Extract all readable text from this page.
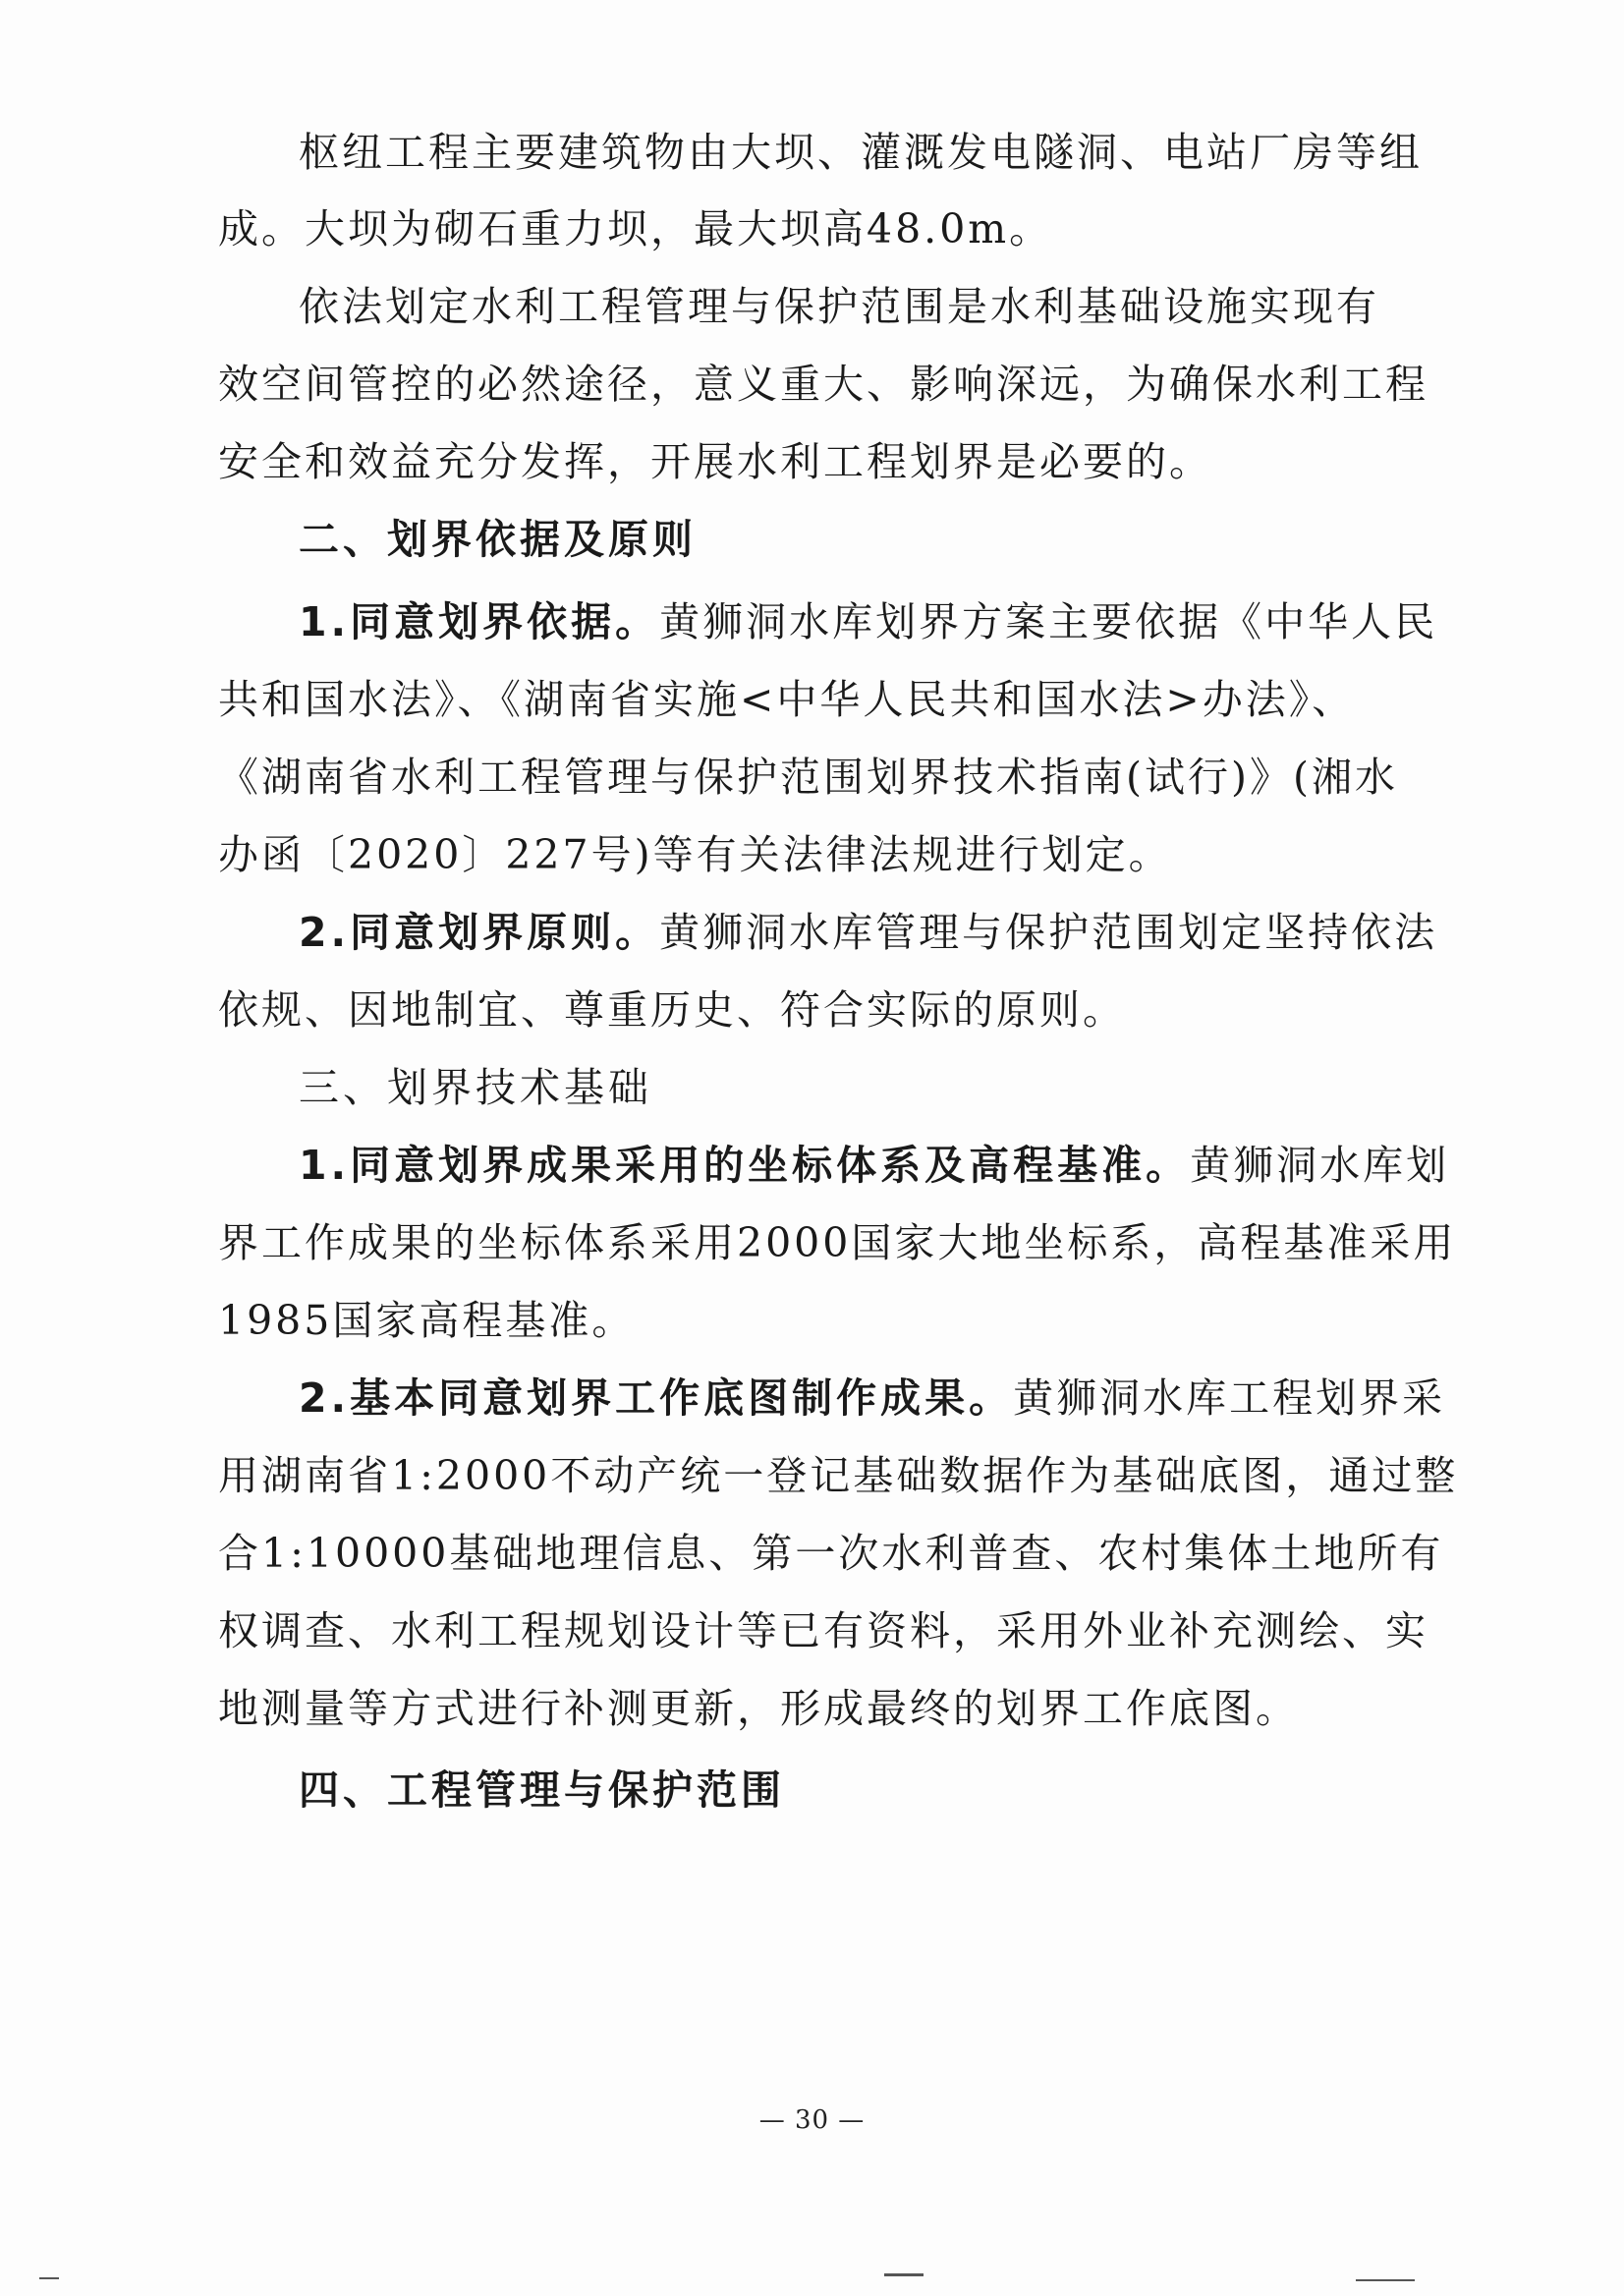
枢纽工程主要建筑物由大坝、灌溉发电隧洞、电站厂房等组
成。大坝为砌石重力坝，最大坝高48.0m。
依法划定水利工程管理与保护范围是水利基础设施实现有
效空间管控的必然途径，意义重大、影响深远，为确保水利工程
安全和效益充分发挥，开展水利工程划界是必要的。
二、划界依据及原则
1.同意划界依据。黄狮洞水库划界方案主要依据《中华人民
共和国水法》、《湖南省实施<中华人民共和国水法>办法》、
《湖南省水利工程管理与保护范围划界技术指南(试行)》(湘水
办函〔2020〕227号)等有关法律法规进行划定。
2.同意划界原则。黄狮洞水库管理与保护范围划定坚持依法
依规、因地制宜、尊重历史、符合实际的原则。
三、划界技术基础
1.同意划界成果采用的坐标体系及高程基准。黄狮洞水库划
界工作成果的坐标体系采用2000国家大地坐标系，高程基准采用
1985国家高程基准。
2.基本同意划界工作底图制作成果。黄狮洞水库工程划界采
用湖南省1:2000不动产统一登记基础数据作为基础底图，通过整
合1:10000基础地理信息、第一次水利普查、农村集体土地所有
权调查、水利工程规划设计等已有资料，采用外业补充测绘、实
地测量等方式进行补测更新，形成最终的划界工作底图。
四、工程管理与保护范围
— 30 —
